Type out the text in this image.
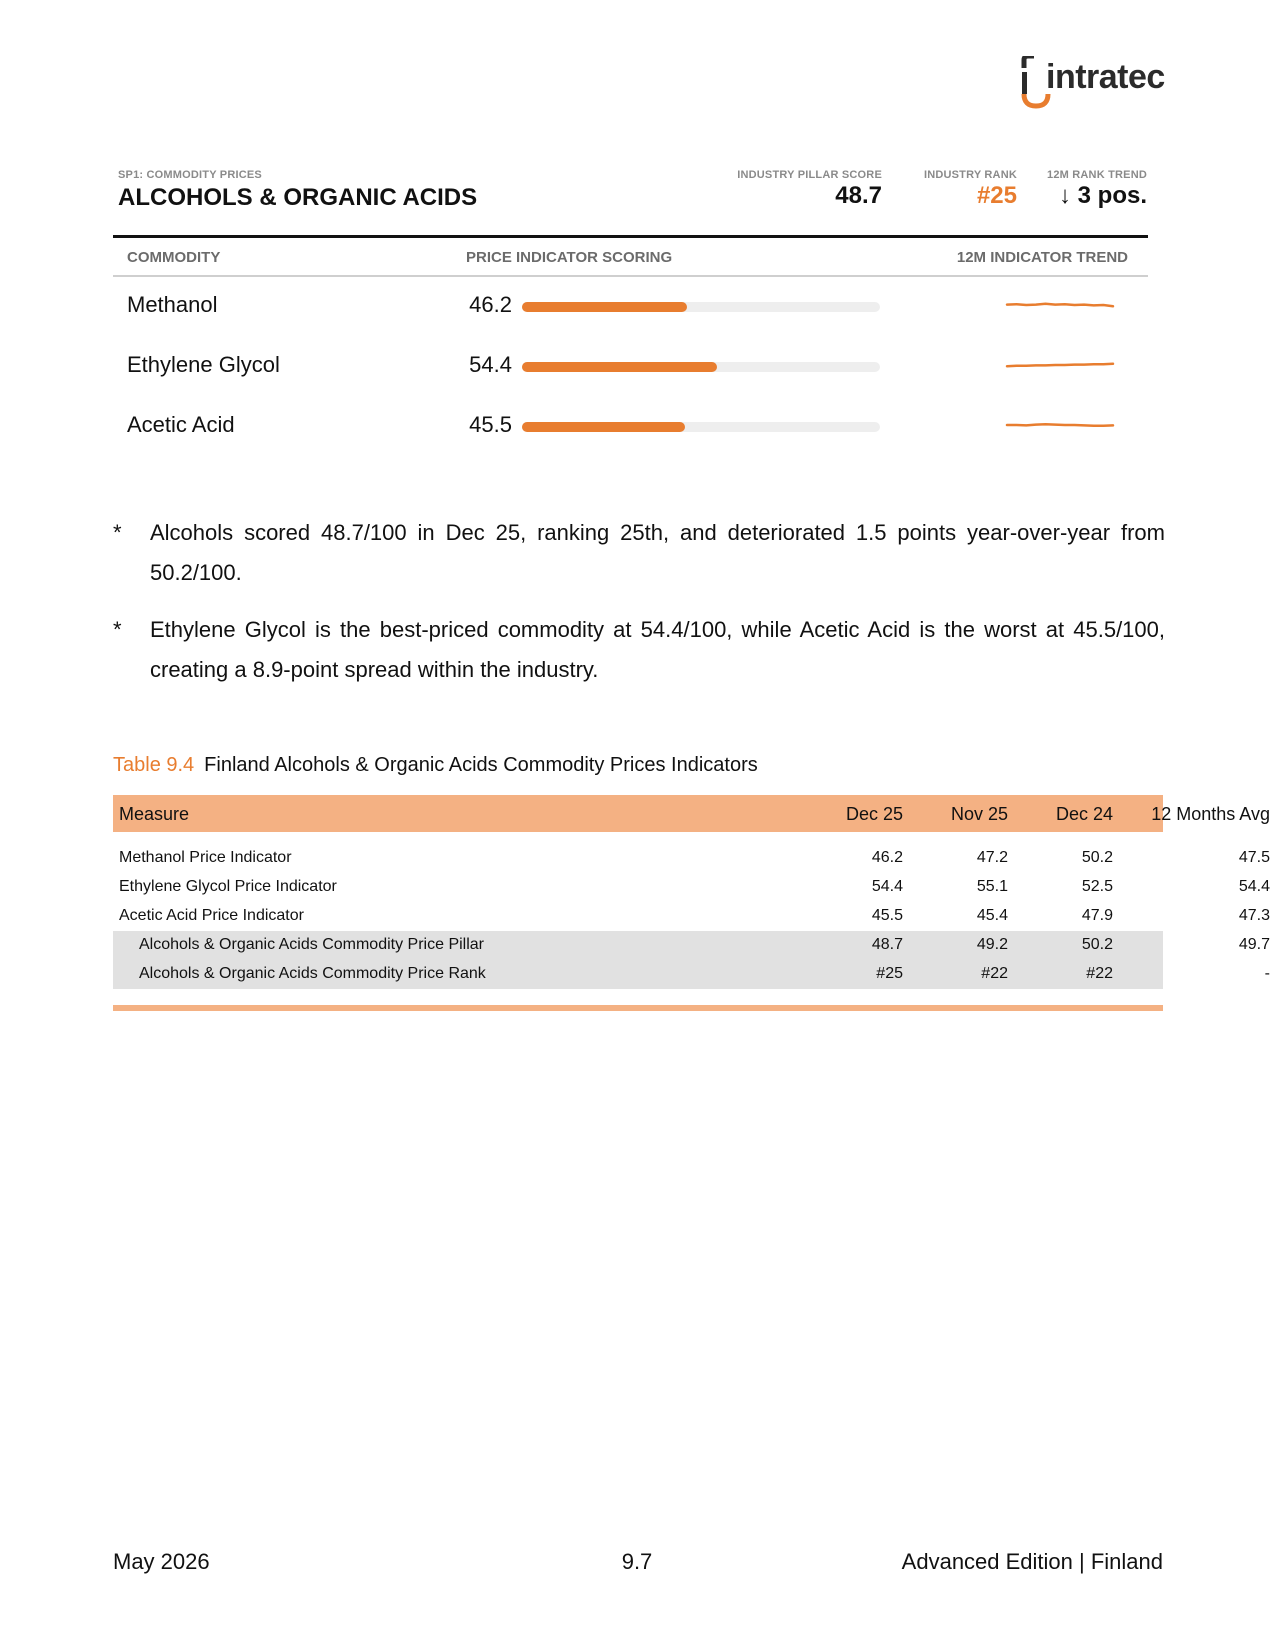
intratec
SP1: COMMODITY PRICES
ALCOHOLS & ORGANIC ACIDS
INDUSTRY PILLAR SCORE
48.7
INDUSTRY RANK
#25
12M RANK TREND
↓ 3 pos.
COMMODITY	PRICE INDICATOR SCORING	12M INDICATOR TREND
Methanol	46.2
Ethylene Glycol	54.4
Acetic Acid	45.5
*	Alcohols scored 48.7/100 in Dec 25, ranking 25th, and deteriorated 1.5 points year-over-year from 50.2/100.
*	Ethylene Glycol is the best-priced commodity at 54.4/100, while Acetic Acid is the worst at 45.5/100, creating a 8.9-point spread within the industry.
Table 9.4 Finland Alcohols & Organic Acids Commodity Prices Indicators
Measure	Dec 25	Nov 25	Dec 24	12 Months Avg
Methanol Price Indicator	46.2	47.2	50.2	47.5
Ethylene Glycol Price Indicator	54.4	55.1	52.5	54.4
Acetic Acid Price Indicator	45.5	45.4	47.9	47.3
Alcohols & Organic Acids Commodity Price Pillar	48.7	49.2	50.2	49.7
Alcohols & Organic Acids Commodity Price Rank	#25	#22	#22	-
May 2026	9.7	Advanced Edition | Finland
